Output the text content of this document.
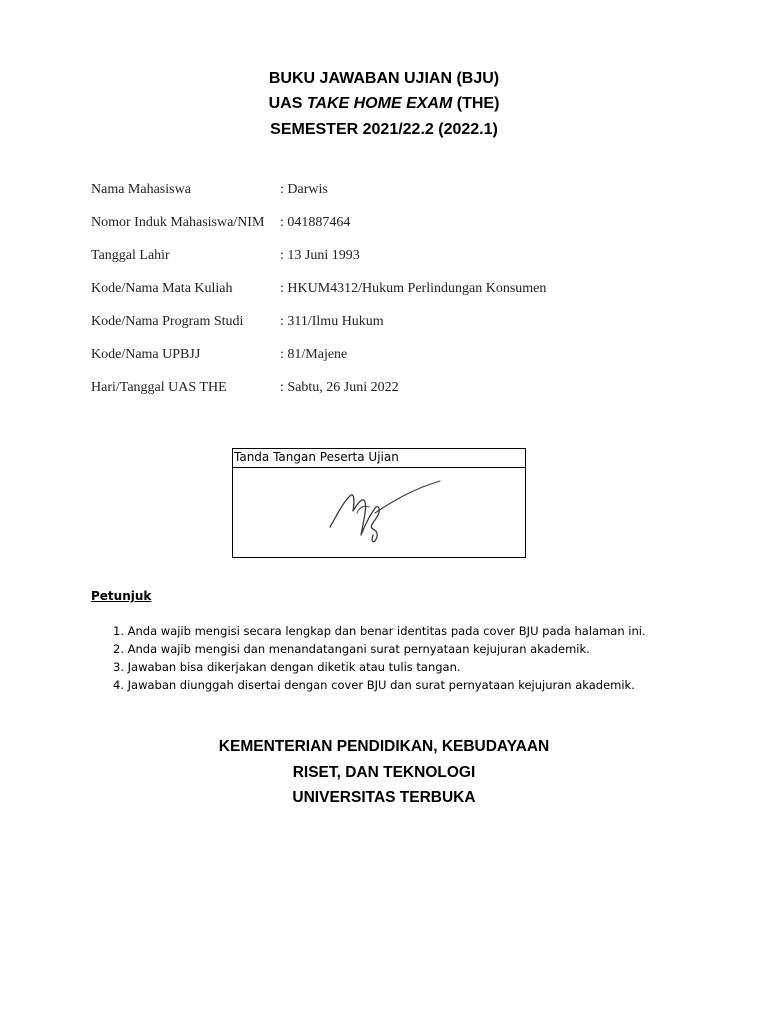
BUKU JAWABAN UJIAN (BJU)
UAS TAKE HOME EXAM (THE)
SEMESTER 2021/22.2 (2022.1)
Nama Mahasiswa	: Darwis
Nomor Induk Mahasiswa/NIM : 041887464
Tanggal Lahir	: 13 Juni 1993
Kode/Nama Mata Kuliah	: HKUM4312/Hukum Perlindungan Konsumen
Kode/Nama Program Studi	: 311/Ilmu Hukum
Kode/Nama UPBJJ	: 81/Majene
Hari/Tanggal UAS THE	: Sabtu, 26 Juni 2022
Tanda Tangan Peserta Ujian
Petunjuk
1. Anda wajib mengisi secara lengkap dan benar identitas pada cover BJU pada halaman ini.
2. Anda wajib mengisi dan menandatangani surat pernyataan kejujuran akademik.
3. Jawaban bisa dikerjakan dengan diketik atau tulis tangan.
4. Jawaban diunggah disertai dengan cover BJU dan surat pernyataan kejujuran akademik.
KEMENTERIAN PENDIDIKAN, KEBUDAYAAN
RISET, DAN TEKNOLOGI
UNIVERSITAS TERBUKA
